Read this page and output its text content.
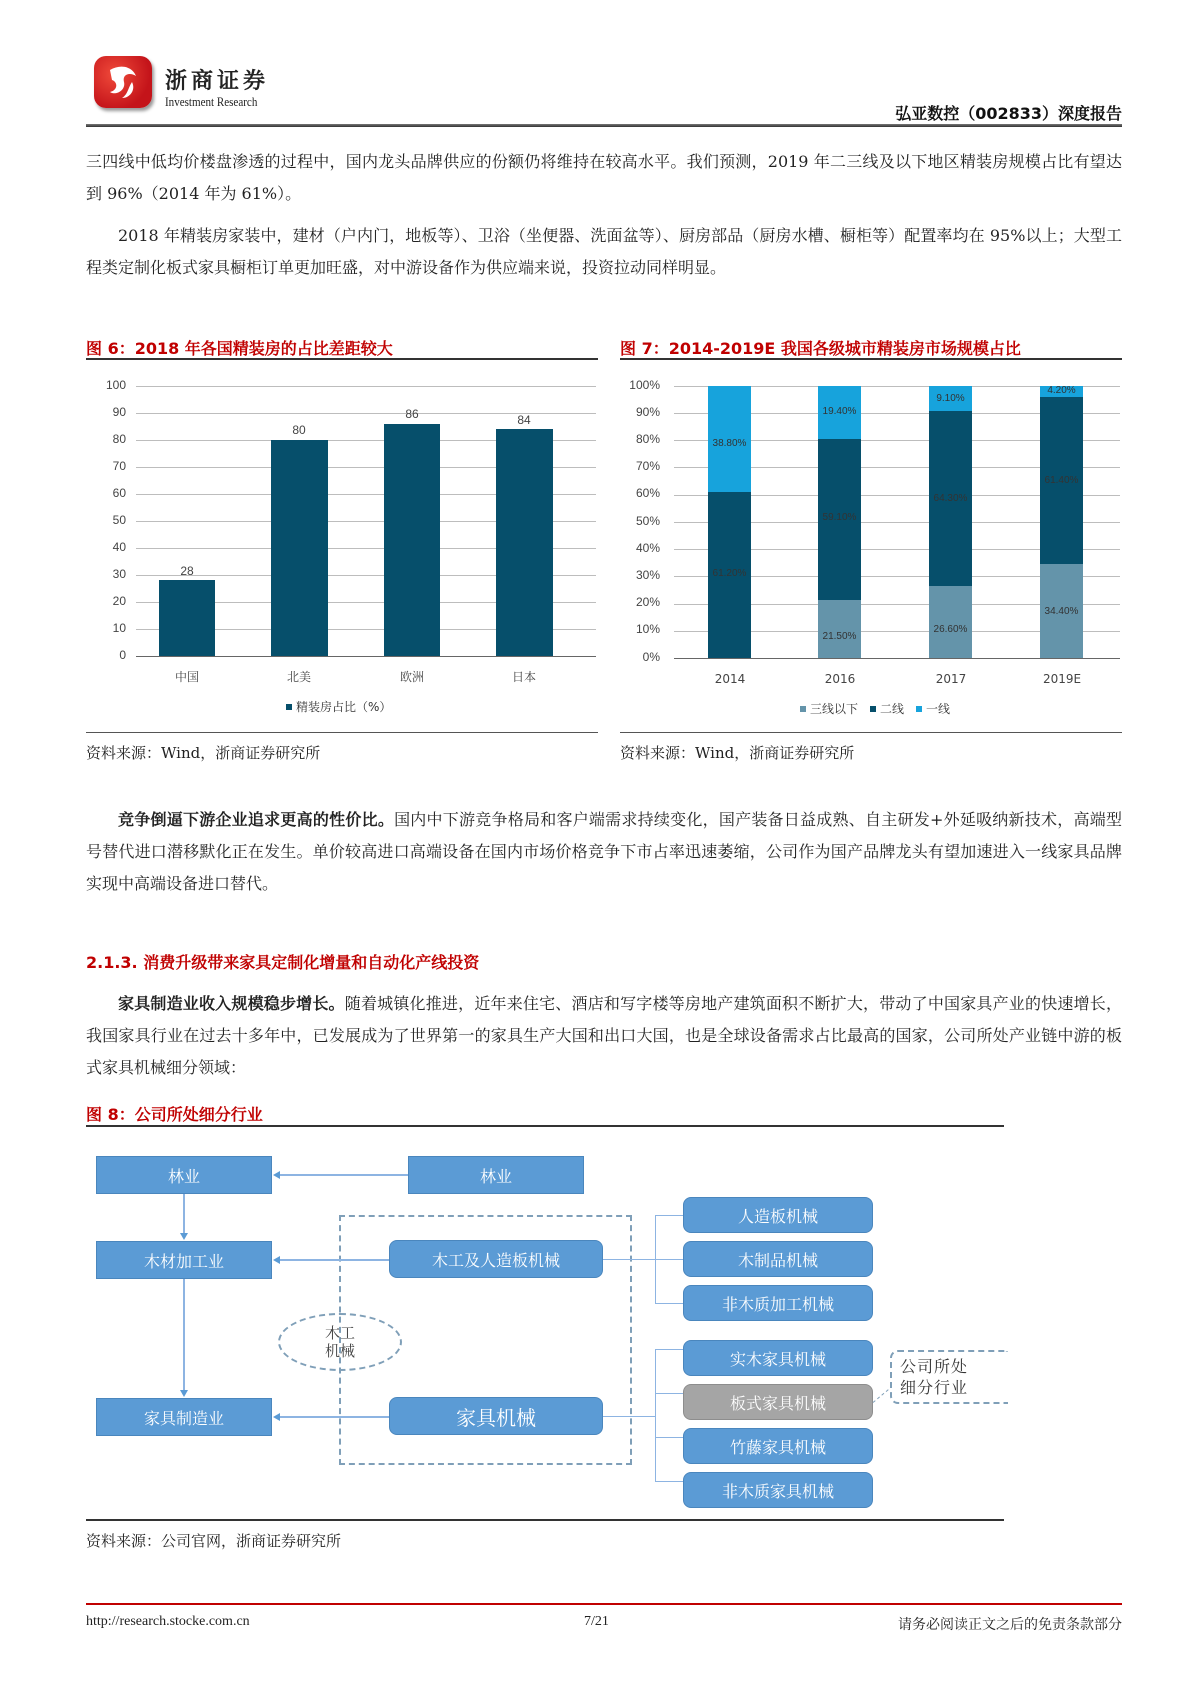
浙商证券
Investment Research
弘亚数控（002833）深度报告
三四线中低均价楼盘渗透的过程中，国内龙头品牌供应的份额仍将维持在较高水平。我们预测，2019 年二三线及以下地区精装房规模占比有望达到 96%（2014 年为 61%）。
2018 年精装房家装中，建材（户内门，地板等）、卫浴（坐便器、洗面盆等）、厨房部品（厨房水槽、橱柜等）配置率均在 95%以上；大型工程类定制化板式家具橱柜订单更加旺盛，对中游设备作为供应端来说，投资拉动同样明显。
图 6：2018 年各国精装房的占比差距较大
100
90
80
70
60
50
40
30
20
10
0
28
80
86	84
中国	北美	欧洲	日本
精装房占比（%）
资料来源：Wind，浙商证券研究所
图 7：2014-2019E 我国各级城市精装房市场规模占比
100%
90%
80%
70%
60%
50%
40%
30%
20%
10%
0%
38.80%
61.20%
19.40%
59.10%
21.50%
9.10%
64.30%
26.60%
4.20%
61.40%
34.40%
2014	2016	2017	2019E
三线以下 二线 一线
资料来源：Wind，浙商证券研究所
竞争倒逼下游企业追求更高的性价比。国内中下游竞争格局和客户端需求持续变化，国产装备日益成熟、自主研发+外延吸纳新技术，高端型号替代进口潜移默化正在发生。单价较高进口高端设备在国内市场价格竞争下市占率迅速萎缩，公司作为国产品牌龙头有望加速进入一线家具品牌实现中高端设备进口替代。
2.1.3. 消费升级带来家具定制化增量和自动化产线投资
家具制造业收入规模稳步增长。随着城镇化推进，近年来住宅、酒店和写字楼等房地产建筑面积不断扩大，带动了中国家具产业的快速增长，我国家具行业在过去十多年中，已发展成为了世界第一的家具生产大国和出口大国，也是全球设备需求占比最高的国家，公司所处产业链中游的板式家具机械细分领域：
图 8：公司所处细分行业
木工
机械
林业
木材加工业
家具制造业
林业
木工及人造板机械
家具机械
人造板机械
木制品机械
非木质加工机械
实木家具机械
板式家具机械
竹藤家具机械
非木质家具机械
公司所处
细分行业
资料来源：公司官网，浙商证券研究所
http://research.stocke.com.cn	7/21	请务必阅读正文之后的免责条款部分
